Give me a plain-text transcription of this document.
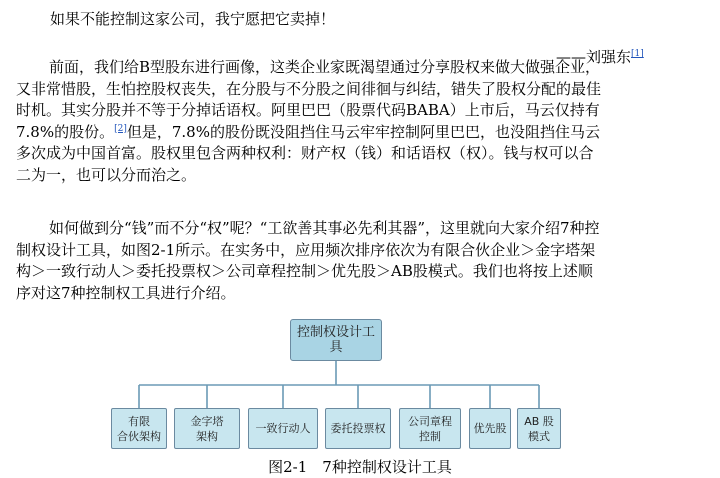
如果不能控制这家公司，我宁愿把它卖掉！
——刘强东[1]
前面，我们给B型股东进行画像，这类企业家既渴望通过分享股权来做大做强企业，
又非常惜股，生怕控股权丧失，在分股与不分股之间徘徊与纠结，错失了股权分配的最佳
时机。其实分股并不等于分掉话语权。阿里巴巴（股票代码BABA）上市后，马云仅持有
7.8%的股份。[2]但是，7.8%的股份既没阻挡住马云牢牢控制阿里巴巴，也没阻挡住马云
多次成为中国首富。股权里包含两种权利：财产权（钱）和话语权（权）。钱与权可以合
二为一，也可以分而治之。
如何做到分“钱”而不分“权”呢？“工欲善其事必先利其器”，这里就向大家介绍7种控
制权设计工具，如图2-1所示。在实务中，应用频次排序依次为有限合伙企业＞金字塔架
构＞一致行动人＞委托投票权＞公司章程控制＞优先股＞AB股模式。我们也将按上述顺
序对这7种控制权工具进行介绍。
控制权设计工具
有限
合伙架构
金字塔
架构
一致行动人 委托投票权
公司章程
控制
优先股
AB 股
模式
图2-1　7种控制权设计工具
